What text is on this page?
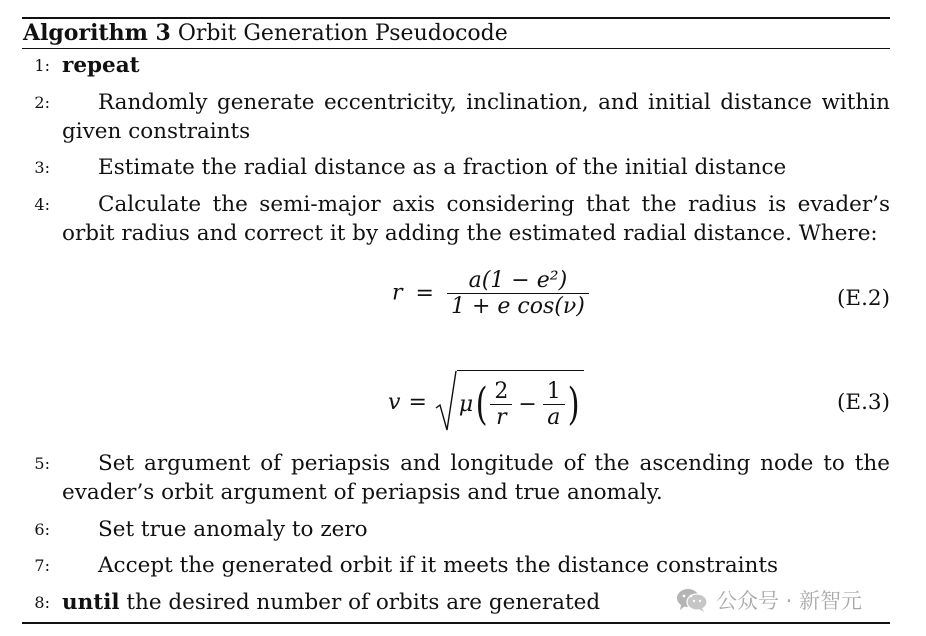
Algorithm 3 Orbit Generation Pseudocode
1: repeat
2:	Randomly generate eccentricity, inclination, and initial distance within given constraints
3:	Estimate the radial distance as a fraction of the initial distance
4:	Calculate the semi-major axis considering that the radius is evader’s orbit radius and correct it by adding the estimated radial distance. Where:
$r = \frac{\text{a(1 − e²)}}{\text{1 + e cos(ν)}}$	(E.2)
v = μ ( $\frac{2}{r} - \frac{1}{a}$ )	(E.3)
5:	Set argument of periapsis and longitude of the ascending node to the evader’s orbit argument of periapsis and true anomaly.
6:	Set true anomaly to zero
7:	Accept the generated orbit if it meets the distance constraints
8: until the desired number of orbits are generated	公众号 · 新智元
